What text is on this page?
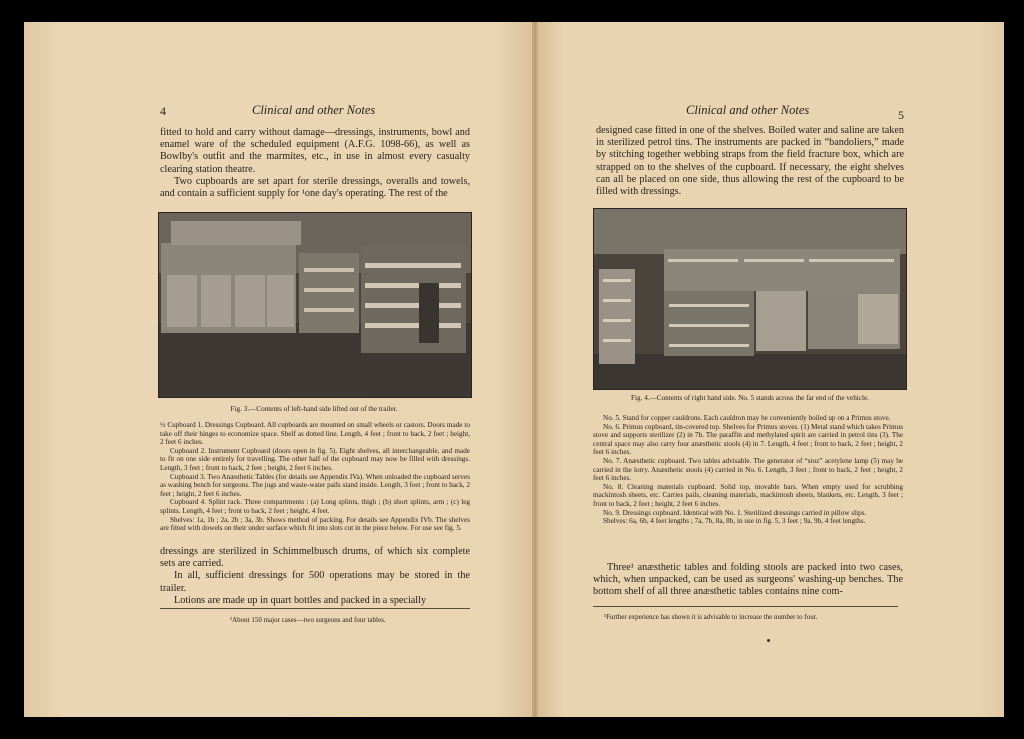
4	Clinical and other Notes

fitted to hold and carry without damage—dressings, instruments, bowl and enamel ware of the scheduled equipment (A.F.G. 1098-66), as well as Bowlby's outfit and the marmites, etc., in use in almost every casualty clearing station theatre.

Two cupboards are set apart for sterile dressings, overalls and towels, and contain a sufficient supply for ¹one day's operating. The rest of the

Fig. 3.—Contents of left-hand side lifted out of the trailer.

½ Cupboard 1. Dressings Cupboard. All cupboards are mounted on small wheels or castors. Doors made to take off their hinges to economize space. Shelf as dotted line. Length, 4 feet ; front to back, 2 feet ; height, 2 feet 6 inches.

Cupboard 2. Instrument Cupboard (doors open in fig. 5). Eight shelves, all interchangeable, and made to fit on one side entirely for travelling. The other half of the cupboard may now be filled with dressings. Length, 3 feet ; front to back, 2 feet ; height, 2 feet 6 inches.

Cupboard 3. Two Anæsthetic Tables (for details see Appendix IVa). When unloaded the cupboard serves as washing bench for surgeons. The jugs and waste-water pails stand inside. Length, 3 feet ; front to back, 2 feet ; height, 2 feet 6 inches.

Cupboard 4. Splint rack. Three compartments : (a) Long splints, thigh ; (b) short splints, arm ; (c) leg splints. Length, 4 feet ; front to back, 2 feet ; height, 4 feet.

Shelves: 1a, 1b ; 2a, 2b ; 3a, 3b. Shows method of packing. For details see Appendix IVb. The shelves are fitted with dowels on their under surface which fit into slots cut in the piece below. For use see fig. 5.

dressings are sterilized in Schimmelbusch drums, of which six complete sets are carried.

In all, sufficient dressings for 500 operations may be stored in the trailer.

Lotions are made up in quart bottles and packed in a specially

¹About 150 major cases—two surgeons and four tables.
Clinical and other Notes	5

designed case fitted in one of the shelves. Boiled water and saline are taken in sterilized petrol tins. The instruments are packed in “bandoliers,” made by stitching together webbing straps from the field fracture box, which are strapped on to the shelves of the cupboard. If necessary, the eight shelves can all be placed on one side, thus allowing the rest of the cupboard to be filled with dressings.

Fig. 4.—Contents of right hand side. No. 5 stands across the far end of the vehicle.

No. 5. Stand for copper cauldrons. Each cauldron may be conveniently boiled up on a Primus stove.

No. 6. Primus cupboard, tin-covered top. Shelves for Primus stoves. (1) Metal stand which takes Primus stove and supports sterilizer (2) in 7b. The paraffin and methylated spirit are carried in petrol tins (3). The central space may also carry four anæsthetic stools (4) in 7. Length, 4 feet ; front to back, 2 feet ; height, 2 feet 6 inches.

No. 7. Anæsthetic cupboard. Two tables advisable. The generator of “stoz” acetylene lamp (5) may be carried in the lorry. Anæsthetic stools (4) carried in No. 6. Length, 3 feet ; front to back, 2 feet ; height, 2 feet 6 inches.

No. 8. Cleaning materials cupboard. Solid top, movable bars. When empty used for scrubbing mackintosh sheets, etc. Carries pails, cleaning materials, mackintosh sheets, blankets, etc. Length, 3 feet ; front to back, 2 feet ; height, 2 feet 6 inches.

No. 9. Dressings cupboard. Identical with No. 1. Sterilized dressings carried in pillow slips.

Shelves: 6a, 6b, 4 feet lengths ; 7a, 7b, 8a, 8b, in use in fig. 5, 3 feet ; 9a, 9b, 4 feet lengths.

Three¹ anæsthetic tables and folding stools are packed into two cases, which, when unpacked, can be used as surgeons' washing-up benches. The bottom shelf of all three anæsthetic tables contains nine com-

¹Further experience has shown it is advisable to increase the number to four.
